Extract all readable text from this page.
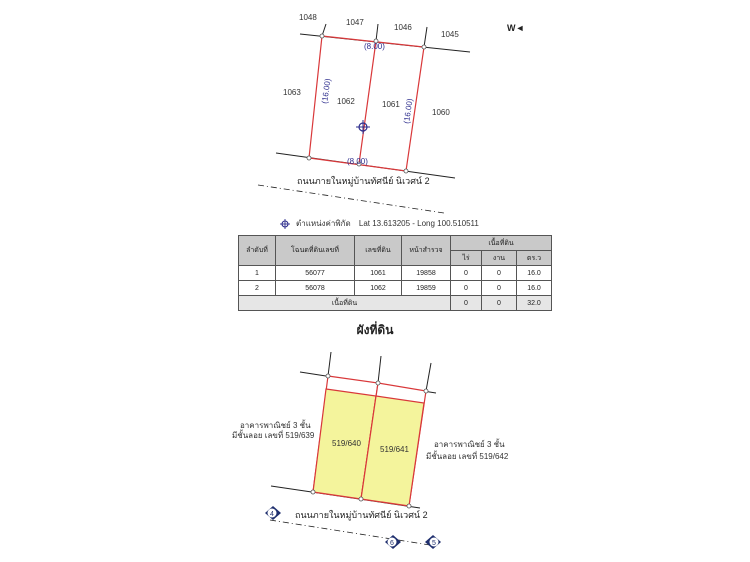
W◄
1048
1047
1046
1045
1063
1060
1062	1061
(8.00)
(8.00)
(16.00)
(16.00)
ถนนภายในหมู่บ้านทัศนีย์ นิเวศน์ 2
519/640
519/641
อาคารพาณิชย์ 3 ชั้น
มีชั้นลอย เลขที่ 519/639
อาคารพาณิชย์ 3 ชั้น
มีชั้นลอย เลขที่ 519/642
ถนนภายในหมู่บ้านทัศนีย์ นิเวศน์ 2
4
6	5
ตำแหน่งค่าพิกัด Lat 13.613205 - Long 100.510511
ลำดับที่	โฉนดที่ดินเลขที่	เลขที่ดิน	หน้าสำรวจ	เนื้อที่ดิน		
				ไร่	งาน	ตร.ว
1	56077	1061	19858	0	0	16.0
2	56078	1062	19859	0	0	16.0
เนื้อที่ดิน				0	0	32.0
ผังที่ดิน
